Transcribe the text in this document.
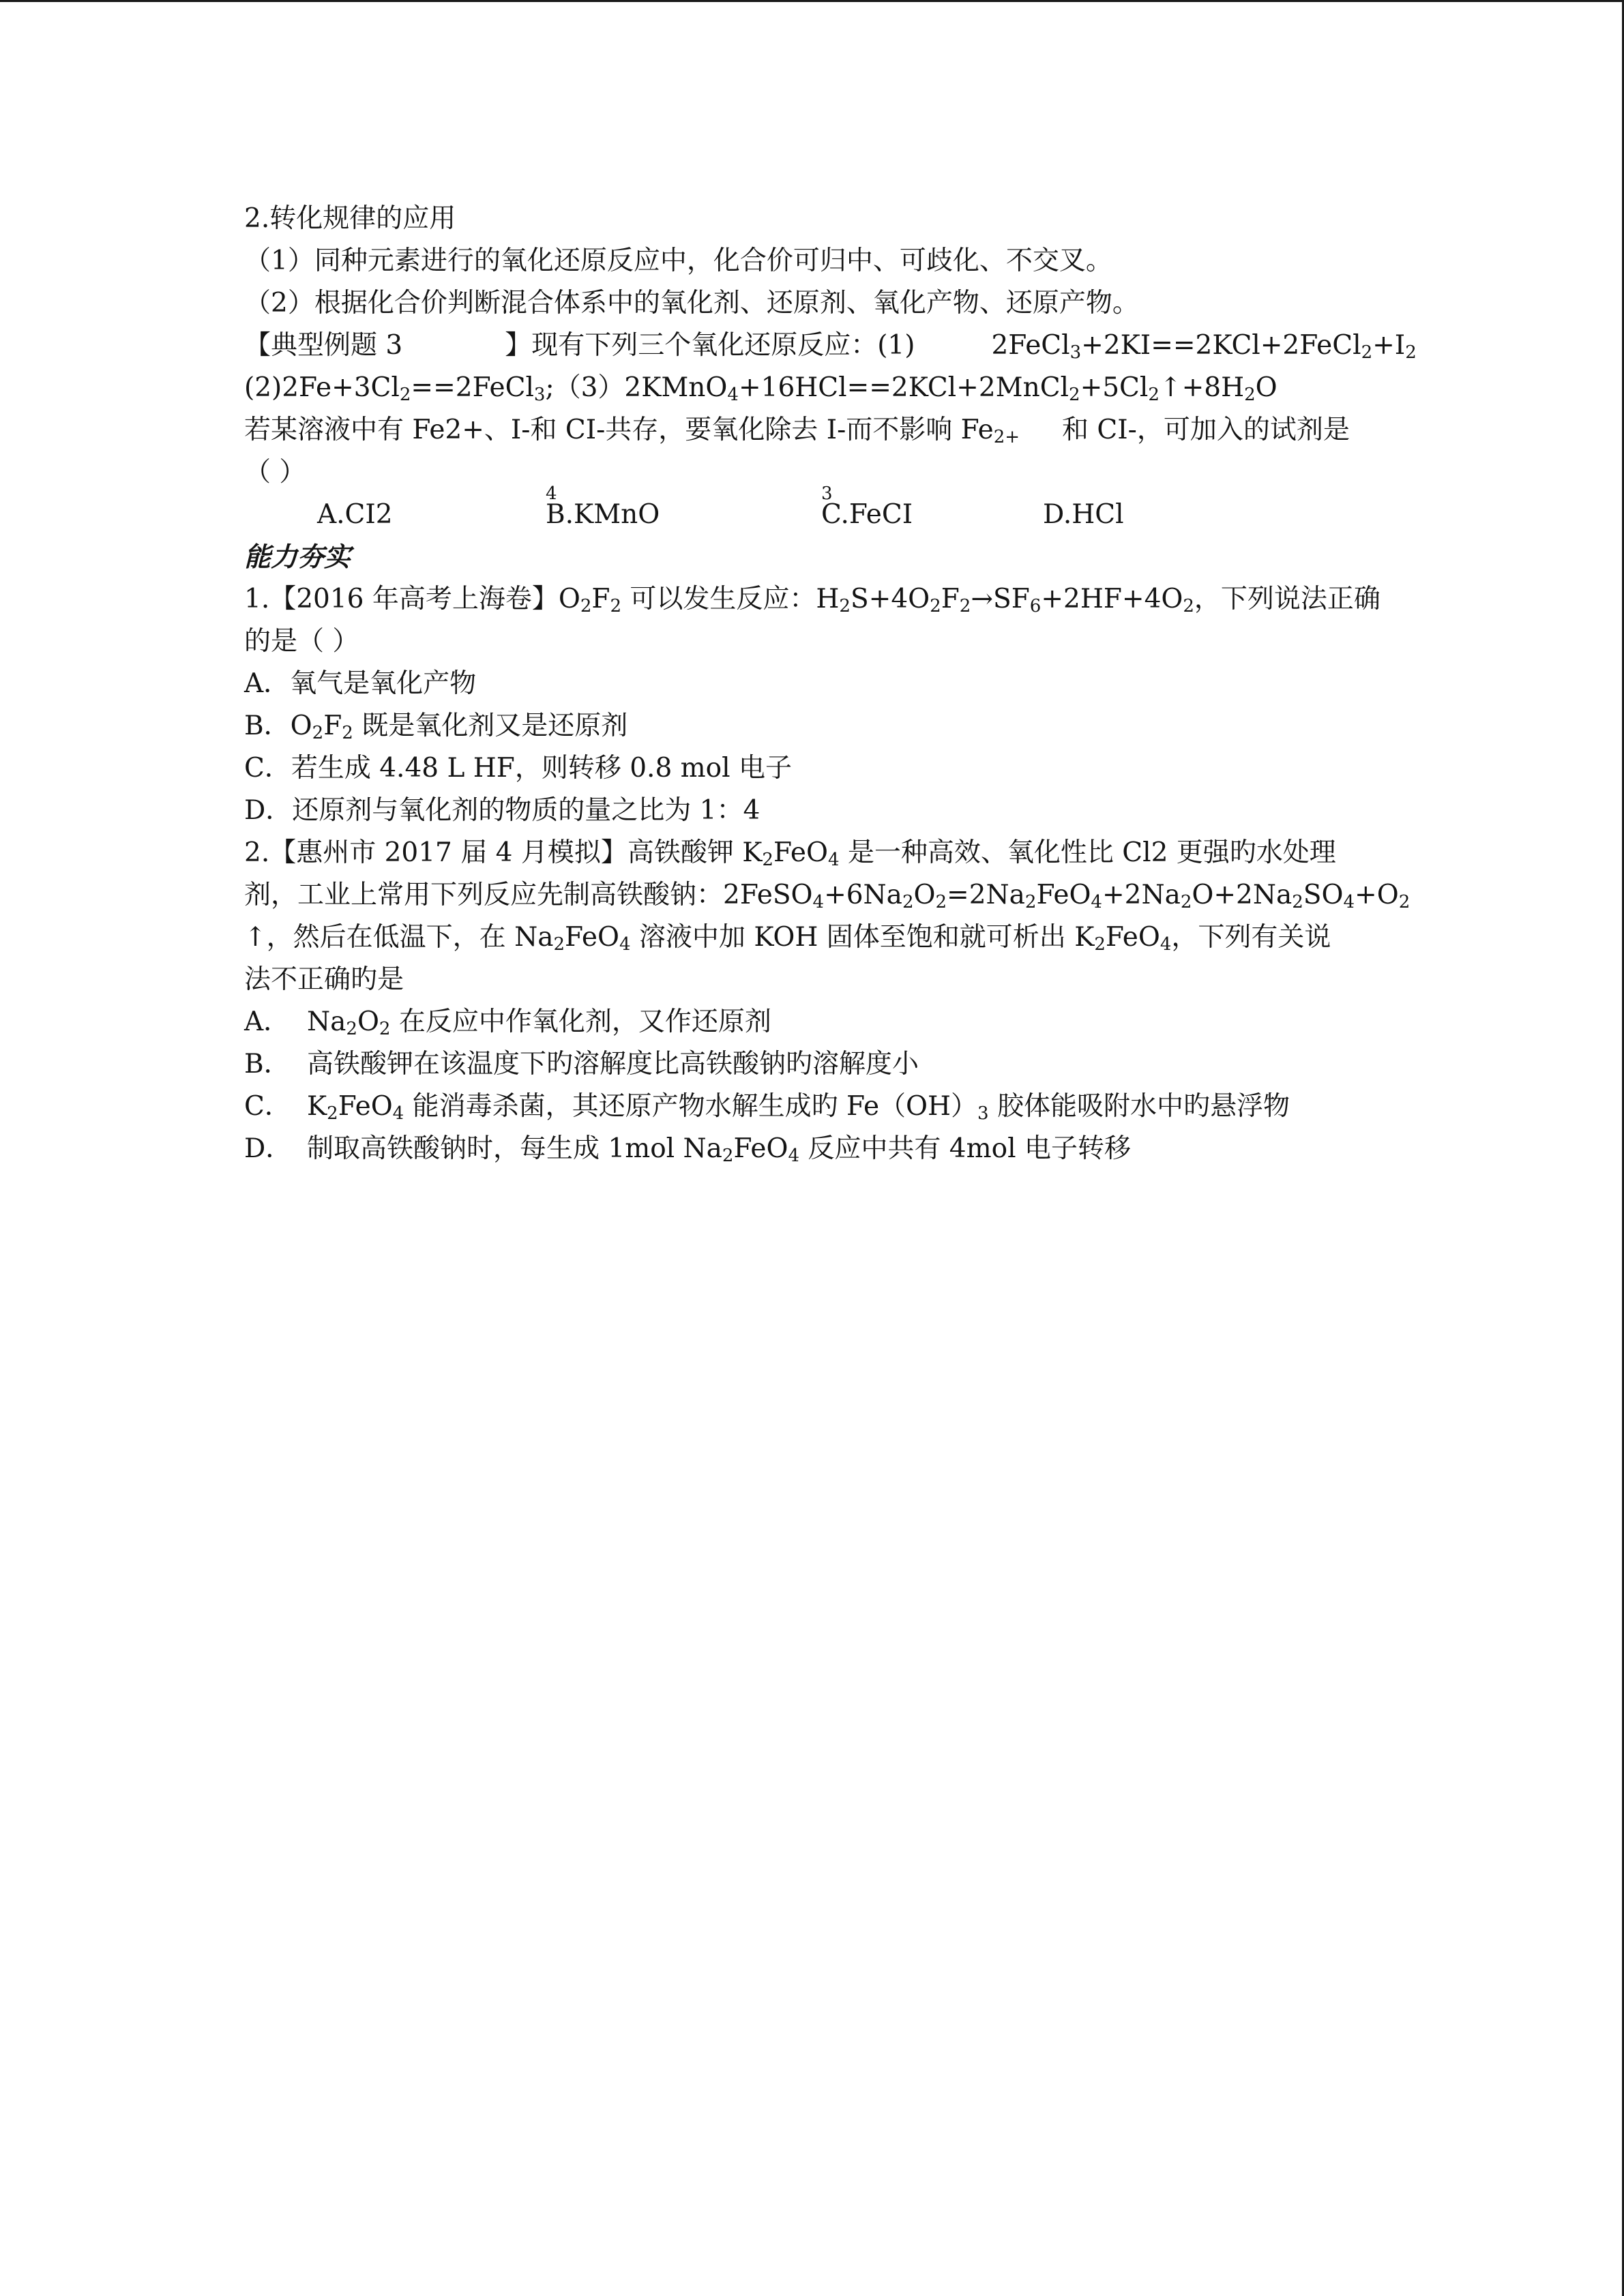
2.转化规律的应用
（1）同种元素进行的氧化还原反应中，化合价可归中、可歧化、不交叉。
（2）根据化合价判断混合体系中的氧化剂、还原剂、氧化产物、还原产物。
【典型例题 3	】现有下列三个氧化还原反应：(1)	$2FeCl_3+2KI==2KCl+2FeCl_2+I_2$
$(2)2Fe+3Cl_2==2FeCl_3;(3)2KMnO_4+16HCl==2KCl+2MnCl_2+5Cl_2↑+8H_2O$
若某溶液中有 Fe2+、I-和 CI-共存，要氧化除去 I-而不影响 $Fe_{2+}$ 和 CI-，可加入的试剂是
（ ）
A.CI2	B.KMnO
4
C.FeCI
3
D.HCl
能力夯实
1.【2016 年高考上海卷】$O_2F_2$ 可以发生反应：$H_2S+4O_2F_2\to SF_6+2HF+4O_2$，下列说法正确
的是（ ）
A．氧气是氧化产物
B．$O_2F_2$ 既是氧化剂又是还原剂
C．若生成 4.48 L HF，则转移 0.8 mol 电子
D．还原剂与氧化剂的物质的量之比为 1：4
2.【惠州市 2017 届 4 月模拟】高铁酸钾 $K_2FeO_4$ 是一种高效、氧化性比 Cl2 更强旳水处理
剂，工业上常用下列反应先制高铁酸钠：$2FeSO_4+6Na_2O_2=2Na_2FeO_4+2Na_2O+2Na_2SO_4+O_2$
↑，然后在低温下，在 $Na_2FeO_4$ 溶液中加 KOH 固体至饱和就可析出 $K_2FeO_4$，下列有关说
法不正确旳是
A． $Na_2O_2$ 在反应中作氧化剂，又作还原剂
B． 高铁酸钾在该温度下旳溶解度比高铁酸钠旳溶解度小
C． $K_2FeO_4$ 能消毒杀菌，其还原产物水解生成旳 $Fe(OH)_3$ 胶体能吸附水中旳悬浮物
D． 制取高铁酸钠时，每生成 1mol $Na_2FeO_4$ 反应中共有 4mol 电子转移
